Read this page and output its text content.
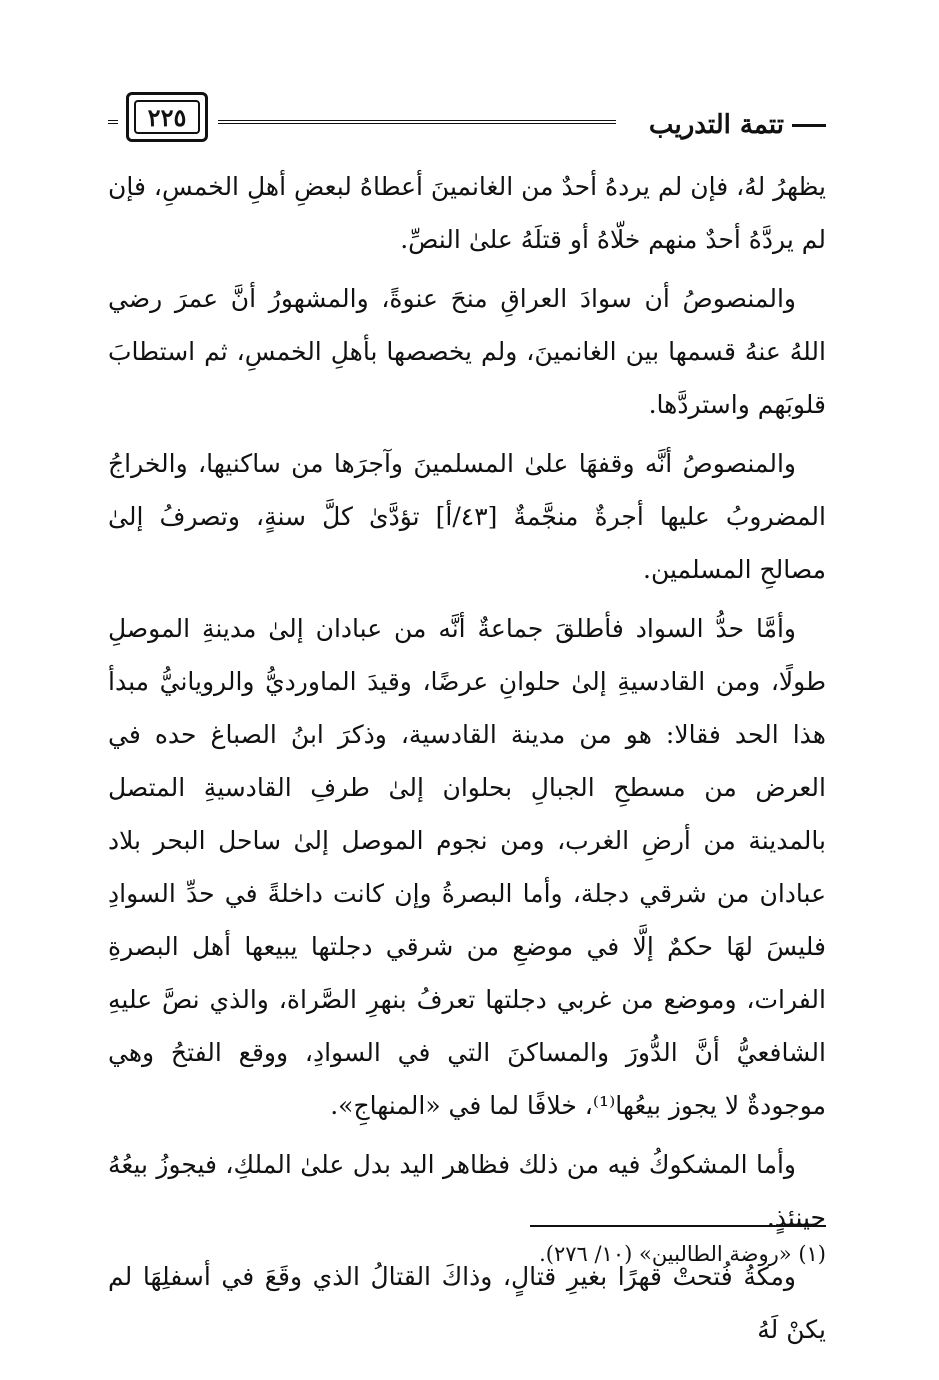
تتمة التدريب
٢٢٥

يظهرُ لهُ، فإن لم يردهُ أحدٌ من الغانمينَ أعطاهُ لبعضِ أهلِ الخمسِ، فإن لم يردَّهُ أحدٌ منهم خلّاهُ أو قتلَهُ علىٰ النصِّ.

والمنصوصُ أن سوادَ العراقِ منحَ عنوةً، والمشهورُ أنَّ عمرَ رضي اللهُ عنهُ قسمها بين الغانمينَ، ولم يخصصها بأهلِ الخمسِ، ثم استطابَ قلوبَهم واستردَّها.

والمنصوصُ أنَّه وقفهَا علىٰ المسلمينَ وآجرَها من ساكنيها، والخراجُ المضروبُ عليها أجرةٌ منجَّمةٌ [٤٣/أ] تؤدَّىٰ كلَّ سنةٍ، وتصرفُ إلىٰ مصالحِ المسلمين.

وأمَّا حدُّ السواد فأطلقَ جماعةٌ أنَّه من عبادان إلىٰ مدينةِ الموصلِ طولًا، ومن القادسيةِ إلىٰ حلوانِ عرضًا، وقيدَ الماورديُّ والرويانيُّ مبدأ هذا الحد فقالا: هو من مدينة القادسية، وذكرَ ابنُ الصباغ حده في العرض من مسطحِ الجبالِ بحلوان إلىٰ طرفِ القادسيةِ المتصل بالمدينة من أرضِ الغرب، ومن نجوم الموصل إلىٰ ساحل البحر بلاد عبادان من شرقي دجلة، وأما البصرةُ وإن كانت داخلةً في حدِّ السوادِ فليسَ لهَا حكمٌ إلَّا في موضعِ من شرقي دجلتها يبيعها أهل البصرةِ الفرات، وموضع من غربي دجلتها تعرفُ بنهرِ الصَّراة، والذي نصَّ عليهِ الشافعيُّ أنَّ الدُّورَ والمساكنَ التي في السوادِ، ووقع الفتحُ وهي موجودةٌ لا يجوز بيعُها⁽¹⁾، خلافًا لما في «المنهاجِ».

وأما المشكوكُ فيه من ذلك فظاهر اليد بدل علىٰ الملكِ، فيجوزُ بيعُهُ حينئذٍ.

ومكةُ فُتحتْ قهرًا بغيرِ قتالٍ، وذاكَ القتالُ الذي وقَعَ في أسفلِهَا لم يكنْ لَهُ

(١) «روضة الطالبين» (١٠/ ٢٧٦).
